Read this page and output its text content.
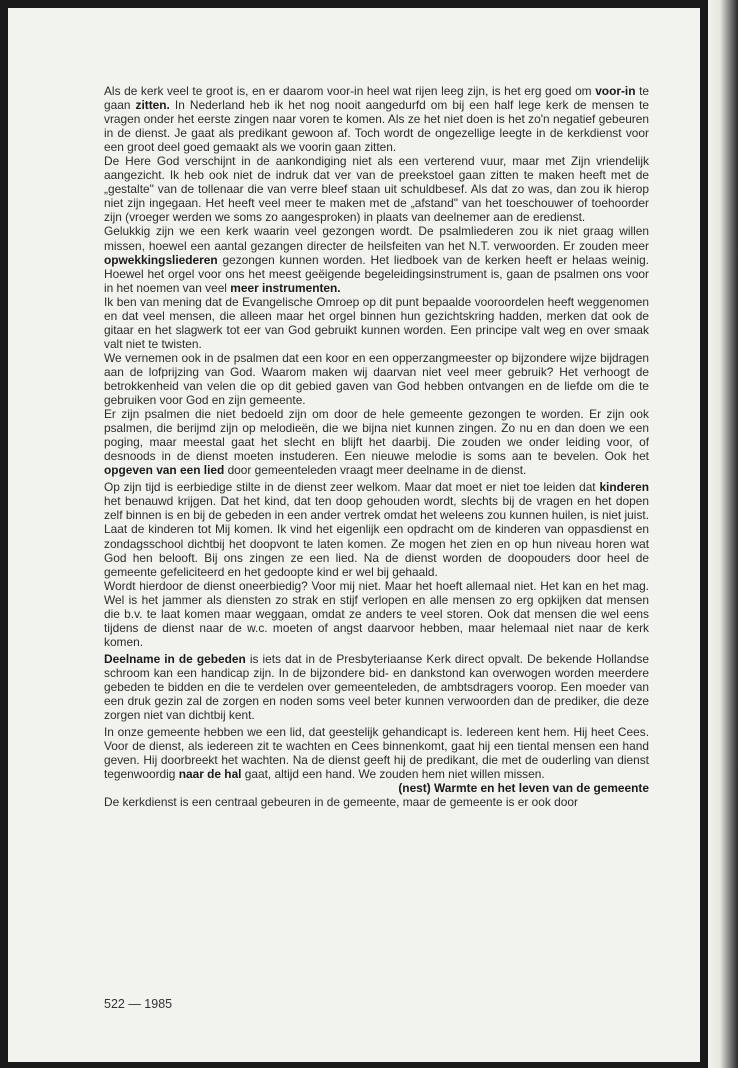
Als de kerk veel te groot is, en er daarom voor-in heel wat rijen leeg zijn, is het erg goed om voor-in te gaan zitten. In Nederland heb ik het nog nooit aangedurfd om bij een half lege kerk de mensen te vragen onder het eerste zingen naar voren te komen. Als ze het niet doen is het zo'n negatief gebeuren in de dienst. Je gaat als predikant gewoon af. Toch wordt de ongezellige leegte in de kerkdienst voor een groot deel goed gemaakt als we voorin gaan zitten.

De Here God verschijnt in de aankondiging niet als een verterend vuur, maar met Zijn vriendelijk aangezicht. Ik heb ook niet de indruk dat ver van de preekstoel gaan zitten te maken heeft met de „gestalte" van de tollenaar die van verre bleef staan uit schuldbesef. Als dat zo was, dan zou ik hierop niet zijn ingegaan. Het heeft veel meer te maken met de „afstand" van het toeschouwer of toehoorder zijn (vroeger werden we soms zo aangesproken) in plaats van deelnemer aan de eredienst.

Gelukkig zijn we een kerk waarin veel gezongen wordt. De psalmliederen zou ik niet graag willen missen, hoewel een aantal gezangen directer de heilsfeiten van het N.T. verwoorden. Er zouden meer opwekkingsliederen gezongen kunnen worden. Het liedboek van de kerken heeft er helaas weinig. Hoewel het orgel voor ons het meest geëigende begeleidingsinstrument is, gaan de psalmen ons voor in het noemen van veel meer instrumenten.

Ik ben van mening dat de Evangelische Omroep op dit punt bepaalde vooroordelen heeft weggenomen en dat veel mensen, die alleen maar het orgel binnen hun gezichtskring hadden, merken dat ook de gitaar en het slagwerk tot eer van God gebruikt kunnen worden. Een principe valt weg en over smaak valt niet te twisten.

We vernemen ook in de psalmen dat een koor en een opperzangmeester op bijzondere wijze bijdragen aan de lofprijzing van God. Waarom maken wij daarvan niet veel meer gebruik? Het verhoogt de betrokkenheid van velen die op dit gebied gaven van God hebben ontvangen en de liefde om die te gebruiken voor God en zijn gemeente.

Er zijn psalmen die niet bedoeld zijn om door de hele gemeente gezongen te worden. Er zijn ook psalmen, die berijmd zijn op melodieën, die we bijna niet kunnen zingen. Zo nu en dan doen we een poging, maar meestal gaat het slecht en blijft het daarbij. Die zouden we onder leiding voor, of desnoods in de dienst moeten instuderen. Een nieuwe melodie is soms aan te bevelen. Ook het opgeven van een lied door gemeenteleden vraagt meer deelname in de dienst.

Op zijn tijd is eerbiedige stilte in de dienst zeer welkom. Maar dat moet er niet toe leiden dat kinderen het benauwd krijgen. Dat het kind, dat ten doop gehouden wordt, slechts bij de vragen en het dopen zelf binnen is en bij de gebeden in een ander vertrek omdat het weleens zou kunnen huilen, is niet juist. Laat de kinderen tot Mij komen. Ik vind het eigenlijk een opdracht om de kinderen van oppasdienst en zondagsschool dichtbij het doopvont te laten komen. Ze mogen het zien en op hun niveau horen wat God hen belooft. Bij ons zingen ze een lied. Na de dienst worden de doopouders door heel de gemeente gefeliciteerd en het gedoopte kind er wel bij gehaald.

Wordt hierdoor de dienst oneerbiedig? Voor mij niet. Maar het hoeft allemaal niet. Het kan en het mag. Wel is het jammer als diensten zo strak en stijf verlopen en alle mensen zo erg opkijken dat mensen die b.v. te laat komen maar weggaan, omdat ze anders te veel storen. Ook dat mensen die wel eens tijdens de dienst naar de w.c. moeten of angst daarvoor hebben, maar helemaal niet naar de kerk komen.

Deelname in de gebeden is iets dat in de Presbyteriaanse Kerk direct opvalt. De bekende Hollandse schroom kan een handicap zijn. In de bijzondere bid- en dankstond kan overwogen worden meerdere gebeden te bidden en die te verdelen over gemeenteleden, de ambtsdragers voorop. Een moeder van een druk gezin zal de zorgen en noden soms veel beter kunnen verwoorden dan de prediker, die deze zorgen niet van dichtbij kent.

In onze gemeente hebben we een lid, dat geestelijk gehandicapt is. Iedereen kent hem. Hij heet Cees. Voor de dienst, als iedereen zit te wachten en Cees binnenkomt, gaat hij een tiental mensen een hand geven. Hij doorbreekt het wachten. Na de dienst geeft hij de predikant, die met de ouderling van dienst tegenwoordig naar de hal gaat, altijd een hand. We zouden hem niet willen missen.

(nest) Warmte en het leven van de gemeente

De kerkdienst is een centraal gebeuren in de gemeente, maar de gemeente is er ook door

522 — 1985
